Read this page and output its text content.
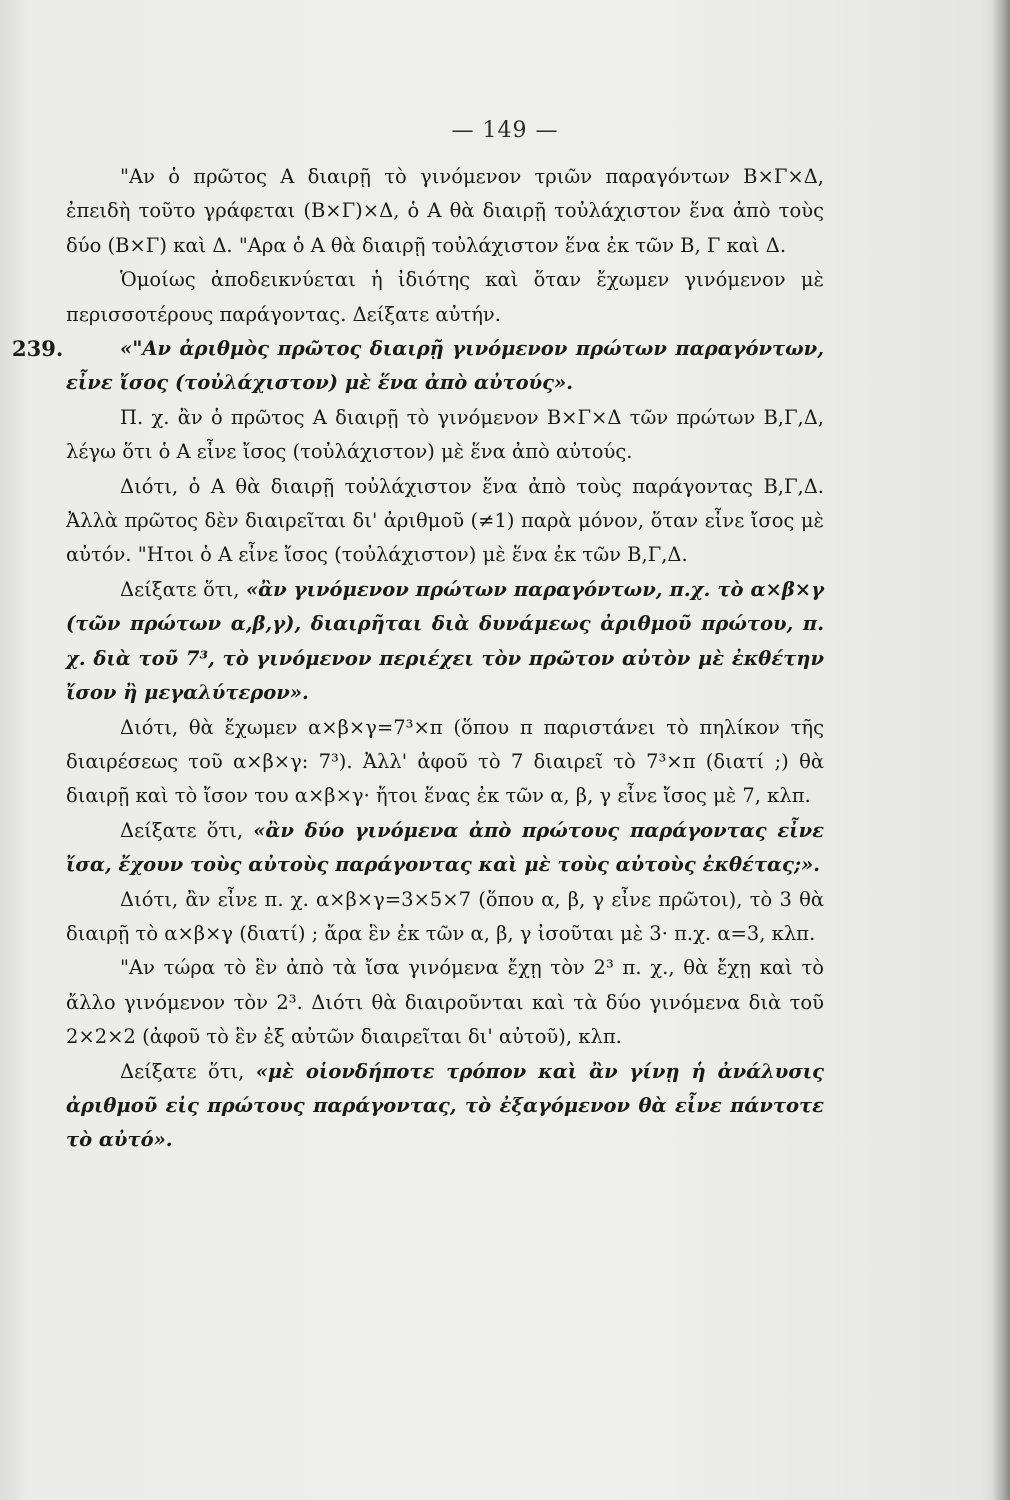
— 149 —

"Αν ὁ πρῶτος Α διαιρῇ τὸ γινόμενον τριῶν παραγόντων Β×Γ×Δ, ἐπειδὴ τοῦτο γράφεται (Β×Γ)×Δ, ὁ Α θὰ διαιρῇ τοὐλάχιστον ἕνα ἀπὸ τοὺς δύο (Β×Γ) καὶ Δ. "Αρα ὁ Α θὰ διαιρῇ τοὐλάχιστον ἕνα ἐκ τῶν Β, Γ καὶ Δ.

Ὁμοίως ἀποδεικνύεται ἡ ἰδιότης καὶ ὅταν ἔχωμεν γινόμενον μὲ περισσοτέρους παράγοντας. Δείξατε αὐτήν.

239.	«"Αν ἀριθμὸς πρῶτος διαιρῇ γινόμενον πρώτων παραγόντων, εἶνε ἴσος (τοὐλάχιστον) μὲ ἕνα ἀπὸ αὐτούς».

Π. χ. ἂν ὁ πρῶτος Α διαιρῇ τὸ γινόμενον Β×Γ×Δ τῶν πρώτων Β,Γ,Δ, λέγω ὅτι ὁ Α εἶνε ἴσος (τοὐλάχιστον) μὲ ἕνα ἀπὸ αὐτούς.

Διότι, ὁ Α θὰ διαιρῇ τοὐλάχιστον ἕνα ἀπὸ τοὺς παράγοντας Β,Γ,Δ. Ἀλλὰ πρῶτος δὲν διαιρεῖται δι' ἀριθμοῦ (≠1) παρὰ μόνον, ὅταν εἶνε ἴσος μὲ αὐτόν. "Ητοι ὁ Α εἶνε ἴσος (τοὐλάχιστον) μὲ ἕνα ἐκ τῶν Β,Γ,Δ.

Δείξατε ὅτι, «ἂν γινόμενον πρώτων παραγόντων, π.χ. τὸ α×β×γ (τῶν πρώτων α,β,γ), διαιρῆται διὰ δυνάμεως ἀριθμοῦ πρώτου, π. χ. διὰ τοῦ 7³, τὸ γινόμενον περιέχει τὸν πρῶτον αὐτὸν μὲ ἐκθέτην ἴσον ἢ μεγαλύτερον».

Διότι, θὰ ἔχωμεν α×β×γ=7³×π (ὅπου π παριστάνει τὸ πηλίκον τῆς διαιρέσεως τοῦ α×β×γ: 7³). Ἀλλ' ἀφοῦ τὸ 7 διαιρεῖ τὸ 7³×π (διατί ;) θὰ διαιρῇ καὶ τὸ ἴσον του α×β×γ· ἤτοι ἕνας ἐκ τῶν α, β, γ εἶνε ἴσος μὲ 7, κλπ.

Δείξατε ὅτι, «ἂν δύο γινόμενα ἀπὸ πρώτους παράγοντας εἶνε ἴσα, ἔχουν τοὺς αὐτοὺς παράγοντας καὶ μὲ τοὺς αὐτοὺς ἐκθέτας;».

Διότι, ἂν εἶνε π. χ. α×β×γ=3×5×7 (ὅπου α, β, γ εἶνε πρῶτοι), τὸ 3 θὰ διαιρῇ τὸ α×β×γ (διατί) ; ἄρα ἓν ἐκ τῶν α, β, γ ἰσοῦται μὲ 3· π.χ. α=3, κλπ.

"Αν τώρα τὸ ἓν ἀπὸ τὰ ἴσα γινόμενα ἔχῃ τὸν 2³ π. χ., θὰ ἔχῃ καὶ τὸ ἄλλο γινόμενον τὸν 2³. Διότι θὰ διαιροῦνται καὶ τὰ δύο γινόμενα διὰ τοῦ 2×2×2 (ἀφοῦ τὸ ἓν ἐξ αὐτῶν διαιρεῖται δι' αὐτοῦ), κλπ.

Δείξατε ὅτι, «μὲ οἱονδήποτε τρόπον καὶ ἂν γίνῃ ἡ ἀνάλυσις ἀριθμοῦ εἰς πρώτους παράγοντας, τὸ ἐξαγόμενον θὰ εἶνε πάντοτε τὸ αὐτό».
